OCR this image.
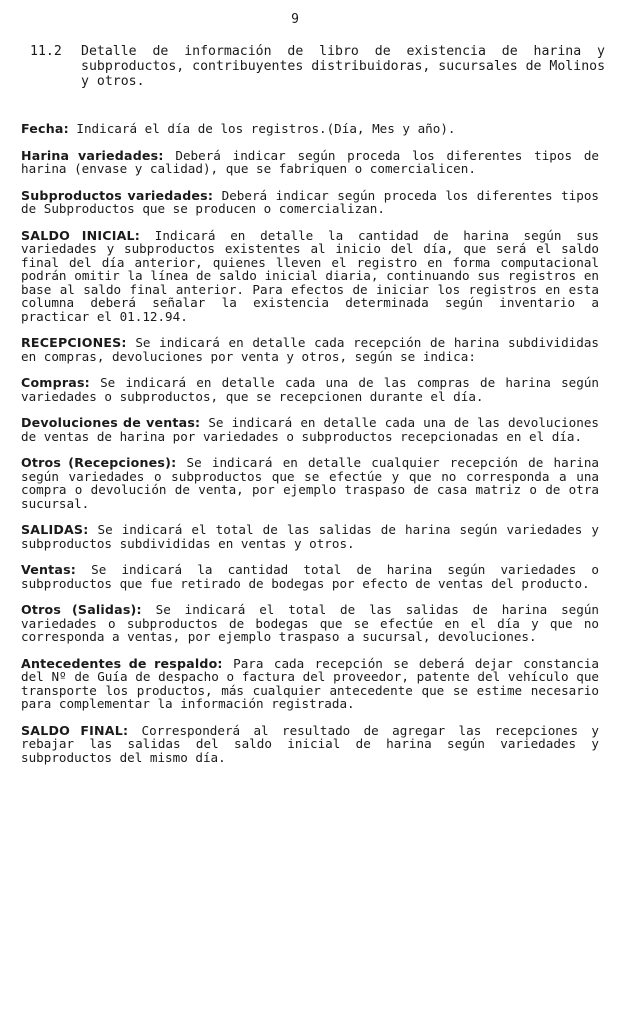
9
11.2	Detalle de información de libro de existencia de harina y subproductos, contribuyentes distribuidoras, sucursales de Molinos y otros.

Fecha: Indicará el día de los registros.(Día, Mes y año).

Harina variedades: Deberá indicar según proceda los diferentes tipos de harina (envase y calidad), que se fabriquen o comercialicen.

Subproductos variedades: Deberá indicar según proceda los diferentes tipos de Subproductos que se producen o comercializan.

SALDO INICIAL: Indicará en detalle la cantidad de harina según sus variedades y subproductos existentes al inicio del día, que será el saldo final del día anterior, quienes lleven el registro en forma computacional podrán omitir la línea de saldo inicial diaria, continuando sus registros en base al saldo final anterior. Para efectos de iniciar los registros en esta columna deberá señalar la existencia determinada según inventario a practicar el 01.12.94.

RECEPCIONES: Se indicará en detalle cada recepción de harina subdivididas en compras, devoluciones por venta y otros, según se indica:

Compras: Se indicará en detalle cada una de las compras de harina según variedades o subproductos, que se recepcionen durante el día.

Devoluciones de ventas: Se indicará en detalle cada una de las devoluciones de ventas de harina por variedades o subproductos recepcionadas en el día.

Otros (Recepciones): Se indicará en detalle cualquier recepción de harina según variedades o subproductos que se efectúe y que no corresponda a una compra o devolución de venta, por ejemplo traspaso de casa matriz o de otra sucursal.

SALIDAS: Se indicará el total de las salidas de harina según variedades y subproductos subdivididas en ventas y otros.

Ventas: Se indicará la cantidad total de harina según variedades o subproductos que fue retirado de bodegas por efecto de ventas del producto.

Otros (Salidas): Se indicará el total de las salidas de harina según variedades o subproductos de bodegas que se efectúe en el día y que no corresponda a ventas, por ejemplo traspaso a sucursal, devoluciones.

Antecedentes de respaldo: Para cada recepción se deberá dejar constancia del Nº de Guía de despacho o factura del proveedor, patente del vehículo que transporte los productos, más cualquier antecedente que se estime necesario para complementar la información registrada.

SALDO FINAL: Corresponderá al resultado de agregar las recepciones y rebajar las salidas del saldo inicial de harina según variedades y subproductos del mismo día.
